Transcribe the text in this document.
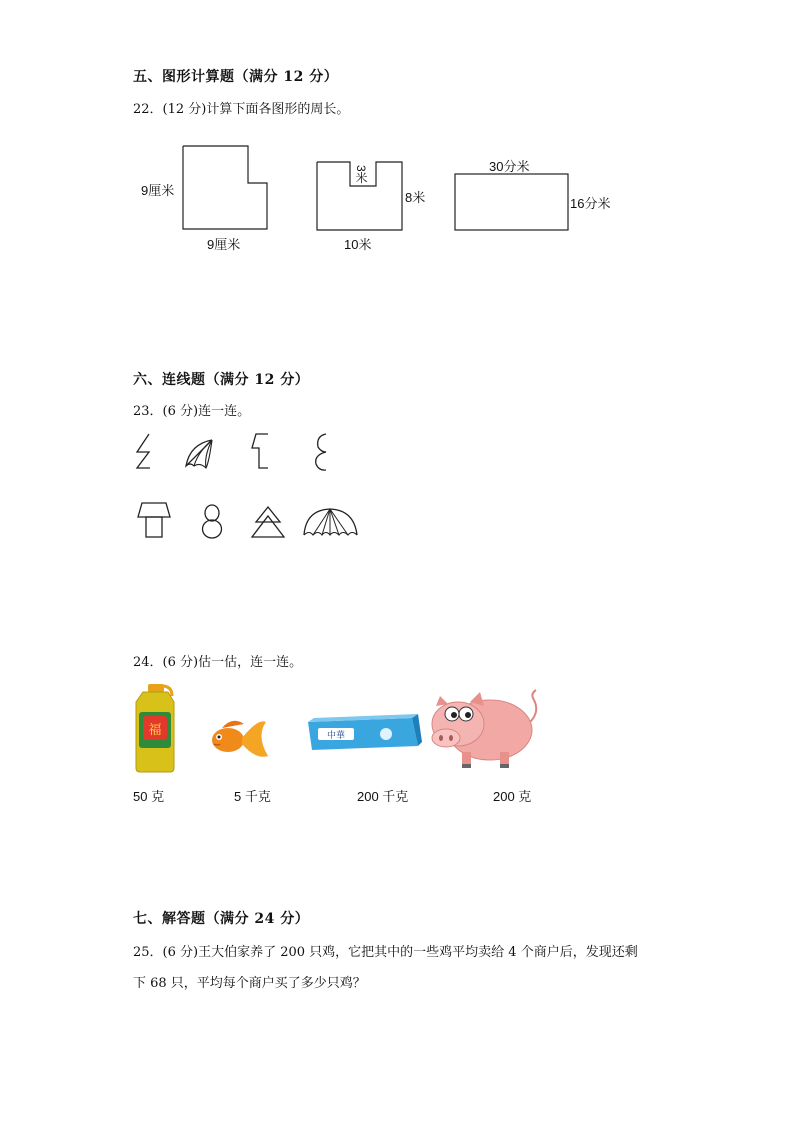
五、图形计算题（满分 12 分）
22．(12 分)计算下面各图形的周长。
9厘米
9厘米
3米
8米
10米
30分米
16分米
六、连线题（满分 12 分）
23．(6 分)连一连。
24．(6 分)估一估，连一连。
福	中華
50 克	5 千克	200 千克	200 克
七、解答题（满分 24 分）
25．(6 分)王大伯家养了 200 只鸡，它把其中的一些鸡平均卖给 4 个商户后，发现还剩
下 68 只，平均每个商户买了多少只鸡？
